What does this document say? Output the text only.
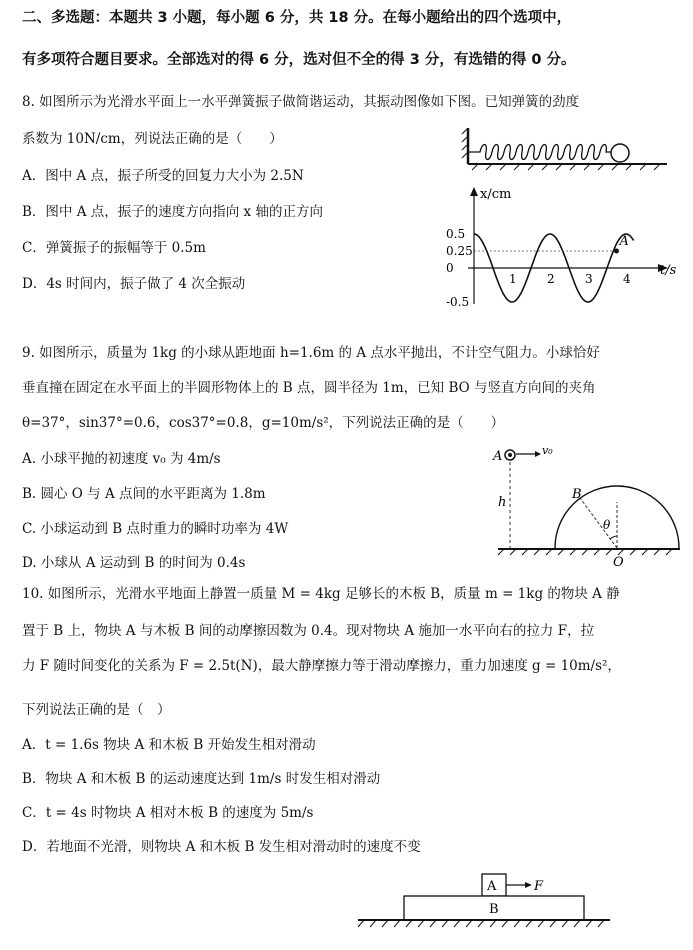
二、多选题：本题共 3 小题，每小题 6 分，共 18 分。在每小题给出的四个选项中，
有多项符合题目要求。全部选对的得 6 分，选对但不全的得 3 分，有选错的得 0 分。
8. 如图所示为光滑水平面上一水平弹簧振子做简谐运动，其振动图像如下图。已知弹簧的劲度
系数为 10N/cm，列说法正确的是（　　）
A．图中 A 点，振子所受的回复力大小为 2.5N
B．图中 A 点，振子的速度方向指向 x 轴的正方向
C．弹簧振子的振幅等于 0.5m
D．4s 时间内，振子做了 4 次全振动
x/cm
t/s
0.5
0.25
0
-0.5
1	2	3	4
A
9. 如图所示，质量为 1kg 的小球从距地面 h=1.6m 的 A 点水平抛出，不计空气阻力。小球恰好
垂直撞在固定在水平面上的半圆形物体上的 B 点，圆半径为 1m，已知 BO 与竖直方向间的夹角
θ=37°，sin37°=0.6，cos37°=0.8，g=10m/s²，下列说法正确的是（　　）
A. 小球平抛的初速度 v₀ 为 4m/s
B. 圆心 O 与 A 点间的水平距离为 1.8m
C. 小球运动到 B 点时重力的瞬时功率为 4W
D. 小球从 A 运动到 B 的时间为 0.4s
A	v₀
h
B
θ
O
10. 如图所示，光滑水平地面上静置一质量 M = 4kg 足够长的木板 B，质量 m = 1kg 的物块 A 静
置于 B 上，物块 A 与木板 B 间的动摩擦因数为 0.4。现对物块 A 施加一水平向右的拉力 F，拉
力 F 随时间变化的关系为 F = 2.5t(N)，最大静摩擦力等于滑动摩擦力，重力加速度 g = 10m/s²，
下列说法正确的是（　）
A．t = 1.6s 物块 A 和木板 B 开始发生相对滑动
B．物块 A 和木板 B 的运动速度达到 1m/s 时发生相对滑动
C．t = 4s 时物块 A 相对木板 B 的速度为 5m/s
D．若地面不光滑，则物块 A 和木板 B 发生相对滑动时的速度不变
A	F
B
